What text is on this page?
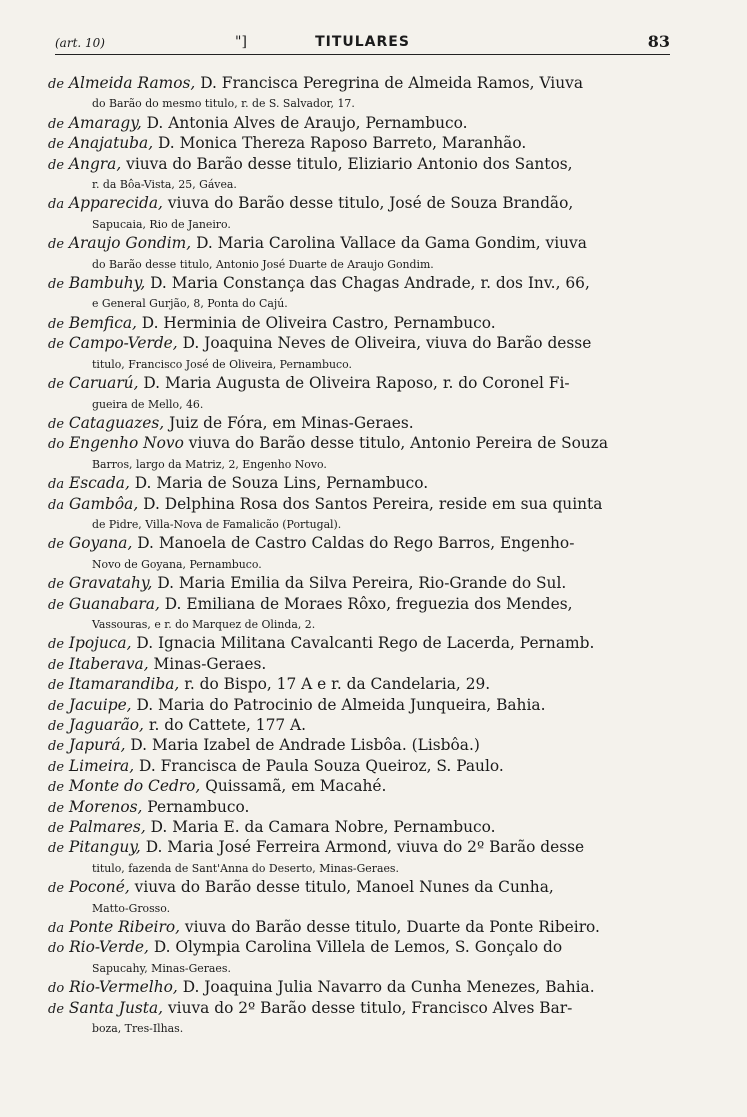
(art. 10)	"]	TITULARES	83
de Almeida Ramos, D. Francisca Peregrina de Almeida Ramos, Viuva
do Barão do mesmo titulo, r. de S. Salvador, 17.
de Amaragy, D. Antonia Alves de Araujo, Pernambuco.
de Anajatuba, D. Monica Thereza Raposo Barreto, Maranhão.
de Angra, viuva do Barão desse titulo, Eliziario Antonio dos Santos,
r. da Bôa-Vista, 25, Gávea.
da Apparecida, viuva do Barão desse titulo, José de Souza Brandão,
Sapucaia, Rio de Janeiro.
de Araujo Gondim, D. Maria Carolina Vallace da Gama Gondim, viuva
do Barão desse titulo, Antonio José Duarte de Araujo Gondim.
de Bambuhy, D. Maria Constança das Chagas Andrade, r. dos Inv., 66,
e General Gurjão, 8, Ponta do Cajú.
de Bemfica, D. Herminia de Oliveira Castro, Pernambuco.
de Campo-Verde, D. Joaquina Neves de Oliveira, viuva do Barão desse
titulo, Francisco José de Oliveira, Pernambuco.
de Caruarú, D. Maria Augusta de Oliveira Raposo, r. do Coronel Fi-
gueira de Mello, 46.
de Cataguazes, Juiz de Fóra, em Minas-Geraes.
do Engenho Novo viuva do Barão desse titulo, Antonio Pereira de Souza
Barros, largo da Matriz, 2, Engenho Novo.
da Escada, D. Maria de Souza Lins, Pernambuco.
da Gambôa, D. Delphina Rosa dos Santos Pereira, reside em sua quinta
de Pidre, Villa-Nova de Famalicão (Portugal).
de Goyana, D. Manoela de Castro Caldas do Rego Barros, Engenho-
Novo de Goyana, Pernambuco.
de Gravatahy, D. Maria Emilia da Silva Pereira, Rio-Grande do Sul.
de Guanabara, D. Emiliana de Moraes Rôxo, freguezia dos Mendes,
Vassouras, e r. do Marquez de Olinda, 2.
de Ipojuca, D. Ignacia Militana Cavalcanti Rego de Lacerda, Pernamb.
de Itaberava, Minas-Geraes.
de Itamarandiba, r. do Bispo, 17 A e r. da Candelaria, 29.
de Jacuipe, D. Maria do Patrocinio de Almeida Junqueira, Bahia.
de Jaguarão, r. do Cattete, 177 A.
de Japurá, D. Maria Izabel de Andrade Lisbôa. (Lisbôa.)
de Limeira, D. Francisca de Paula Souza Queiroz, S. Paulo.
de Monte do Cedro, Quissamã, em Macahé.
de Morenos, Pernambuco.
de Palmares, D. Maria E. da Camara Nobre, Pernambuco.
de Pitanguy, D. Maria José Ferreira Armond, viuva do 2º Barão desse
titulo, fazenda de Sant'Anna do Deserto, Minas-Geraes.
de Poconé, viuva do Barão desse titulo, Manoel Nunes da Cunha,
Matto-Grosso.
da Ponte Ribeiro, viuva do Barão desse titulo, Duarte da Ponte Ribeiro.
do Rio-Verde, D. Olympia Carolina Villela de Lemos, S. Gonçalo do
Sapucahy, Minas-Geraes.
do Rio-Vermelho, D. Joaquina Julia Navarro da Cunha Menezes, Bahia.
de Santa Justa, viuva do 2º Barão desse titulo, Francisco Alves Bar-
boza, Tres-Ilhas.
